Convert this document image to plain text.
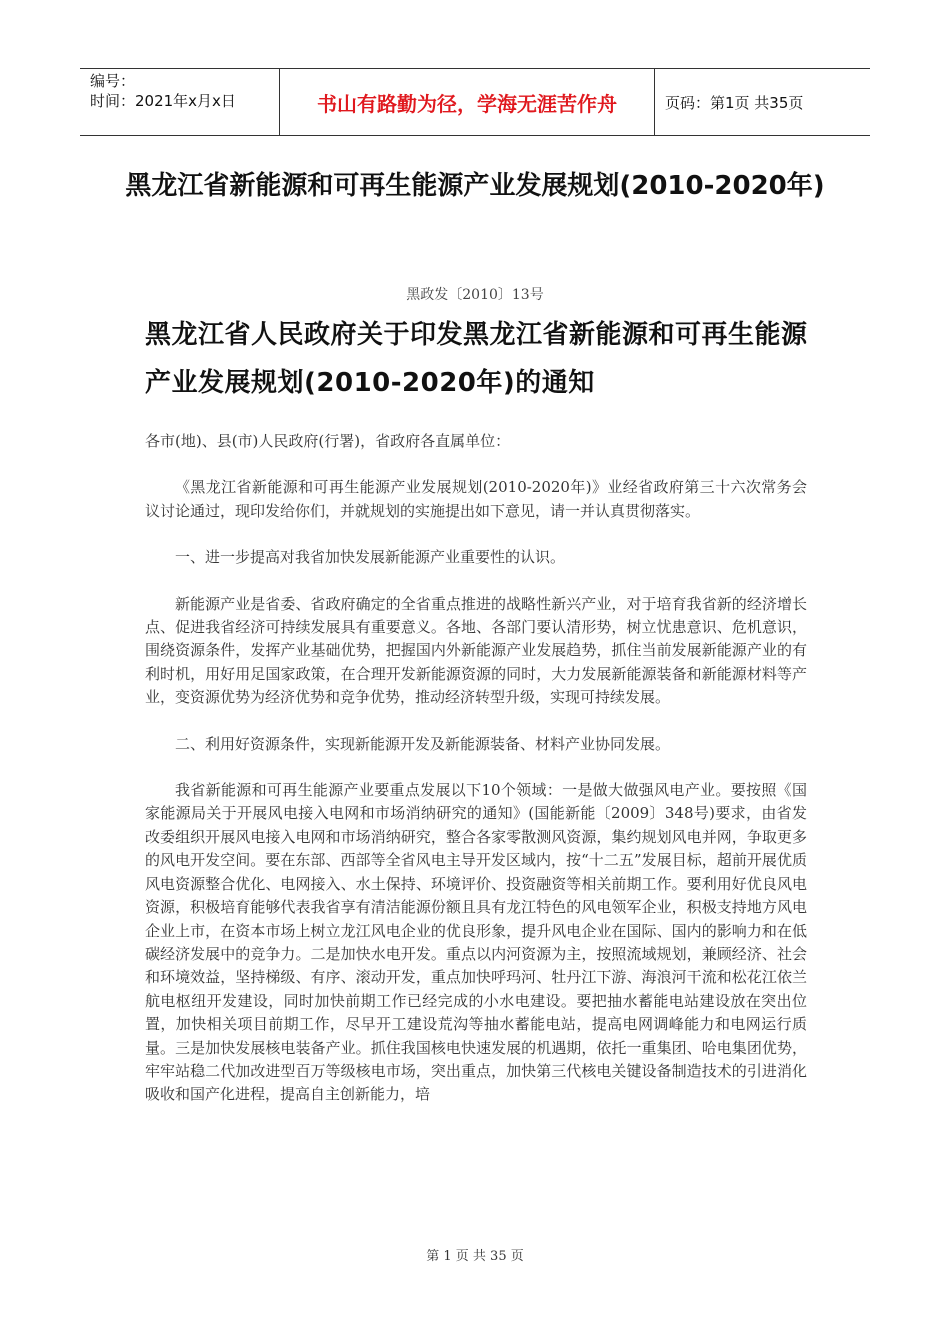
编号：
时间：2021年x月x日	书山有路勤为径，学海无涯苦作舟	页码：第1页 共35页
黑龙江省新能源和可再生能源产业发展规划(2010-2020年)
黑政发〔2010〕13号
黑龙江省人民政府关于印发黑龙江省新能源和可再生能源产业发展规划(2010-2020年)的通知

各市(地)、县(市)人民政府(行署)，省政府各直属单位：

《黑龙江省新能源和可再生能源产业发展规划(2010-2020年)》业经省政府第三十六次常务会议讨论通过，现印发给你们，并就规划的实施提出如下意见，请一并认真贯彻落实。

一、进一步提高对我省加快发展新能源产业重要性的认识。

新能源产业是省委、省政府确定的全省重点推进的战略性新兴产业，对于培育我省新的经济增长点、促进我省经济可持续发展具有重要意义。各地、各部门要认清形势，树立忧患意识、危机意识，围绕资源条件，发挥产业基础优势，把握国内外新能源产业发展趋势，抓住当前发展新能源产业的有利时机，用好用足国家政策，在合理开发新能源资源的同时，大力发展新能源装备和新能源材料等产业，变资源优势为经济优势和竞争优势，推动经济转型升级，实现可持续发展。

二、利用好资源条件，实现新能源开发及新能源装备、材料产业协同发展。

我省新能源和可再生能源产业要重点发展以下10个领域：一是做大做强风电产业。要按照《国家能源局关于开展风电接入电网和市场消纳研究的通知》(国能新能〔2009〕348号)要求，由省发改委组织开展风电接入电网和市场消纳研究，整合各家零散测风资源，集约规划风电并网，争取更多的风电开发空间。要在东部、西部等全省风电主导开发区域内，按“十二五”发展目标，超前开展优质风电资源整合优化、电网接入、水土保持、环境评价、投资融资等相关前期工作。要利用好优良风电资源，积极培育能够代表我省享有清洁能源份额且具有龙江特色的风电领军企业，积极支持地方风电企业上市，在资本市场上树立龙江风电企业的优良形象，提升风电企业在国际、国内的影响力和在低碳经济发展中的竞争力。二是加快水电开发。重点以内河资源为主，按照流域规划，兼顾经济、社会和环境效益，坚持梯级、有序、滚动开发，重点加快呼玛河、牡丹江下游、海浪河干流和松花江依兰航电枢纽开发建设，同时加快前期工作已经完成的小水电建设。要把抽水蓄能电站建设放在突出位置，加快相关项目前期工作，尽早开工建设荒沟等抽水蓄能电站，提高电网调峰能力和电网运行质量。三是加快发展核电装备产业。抓住我国核电快速发展的机遇期，依托一重集团、哈电集团优势，牢牢站稳二代加改进型百万等级核电市场，突出重点，加快第三代核电关键设备制造技术的引进消化吸收和国产化进程，提高自主创新能力，培

第 1 页 共 35 页
